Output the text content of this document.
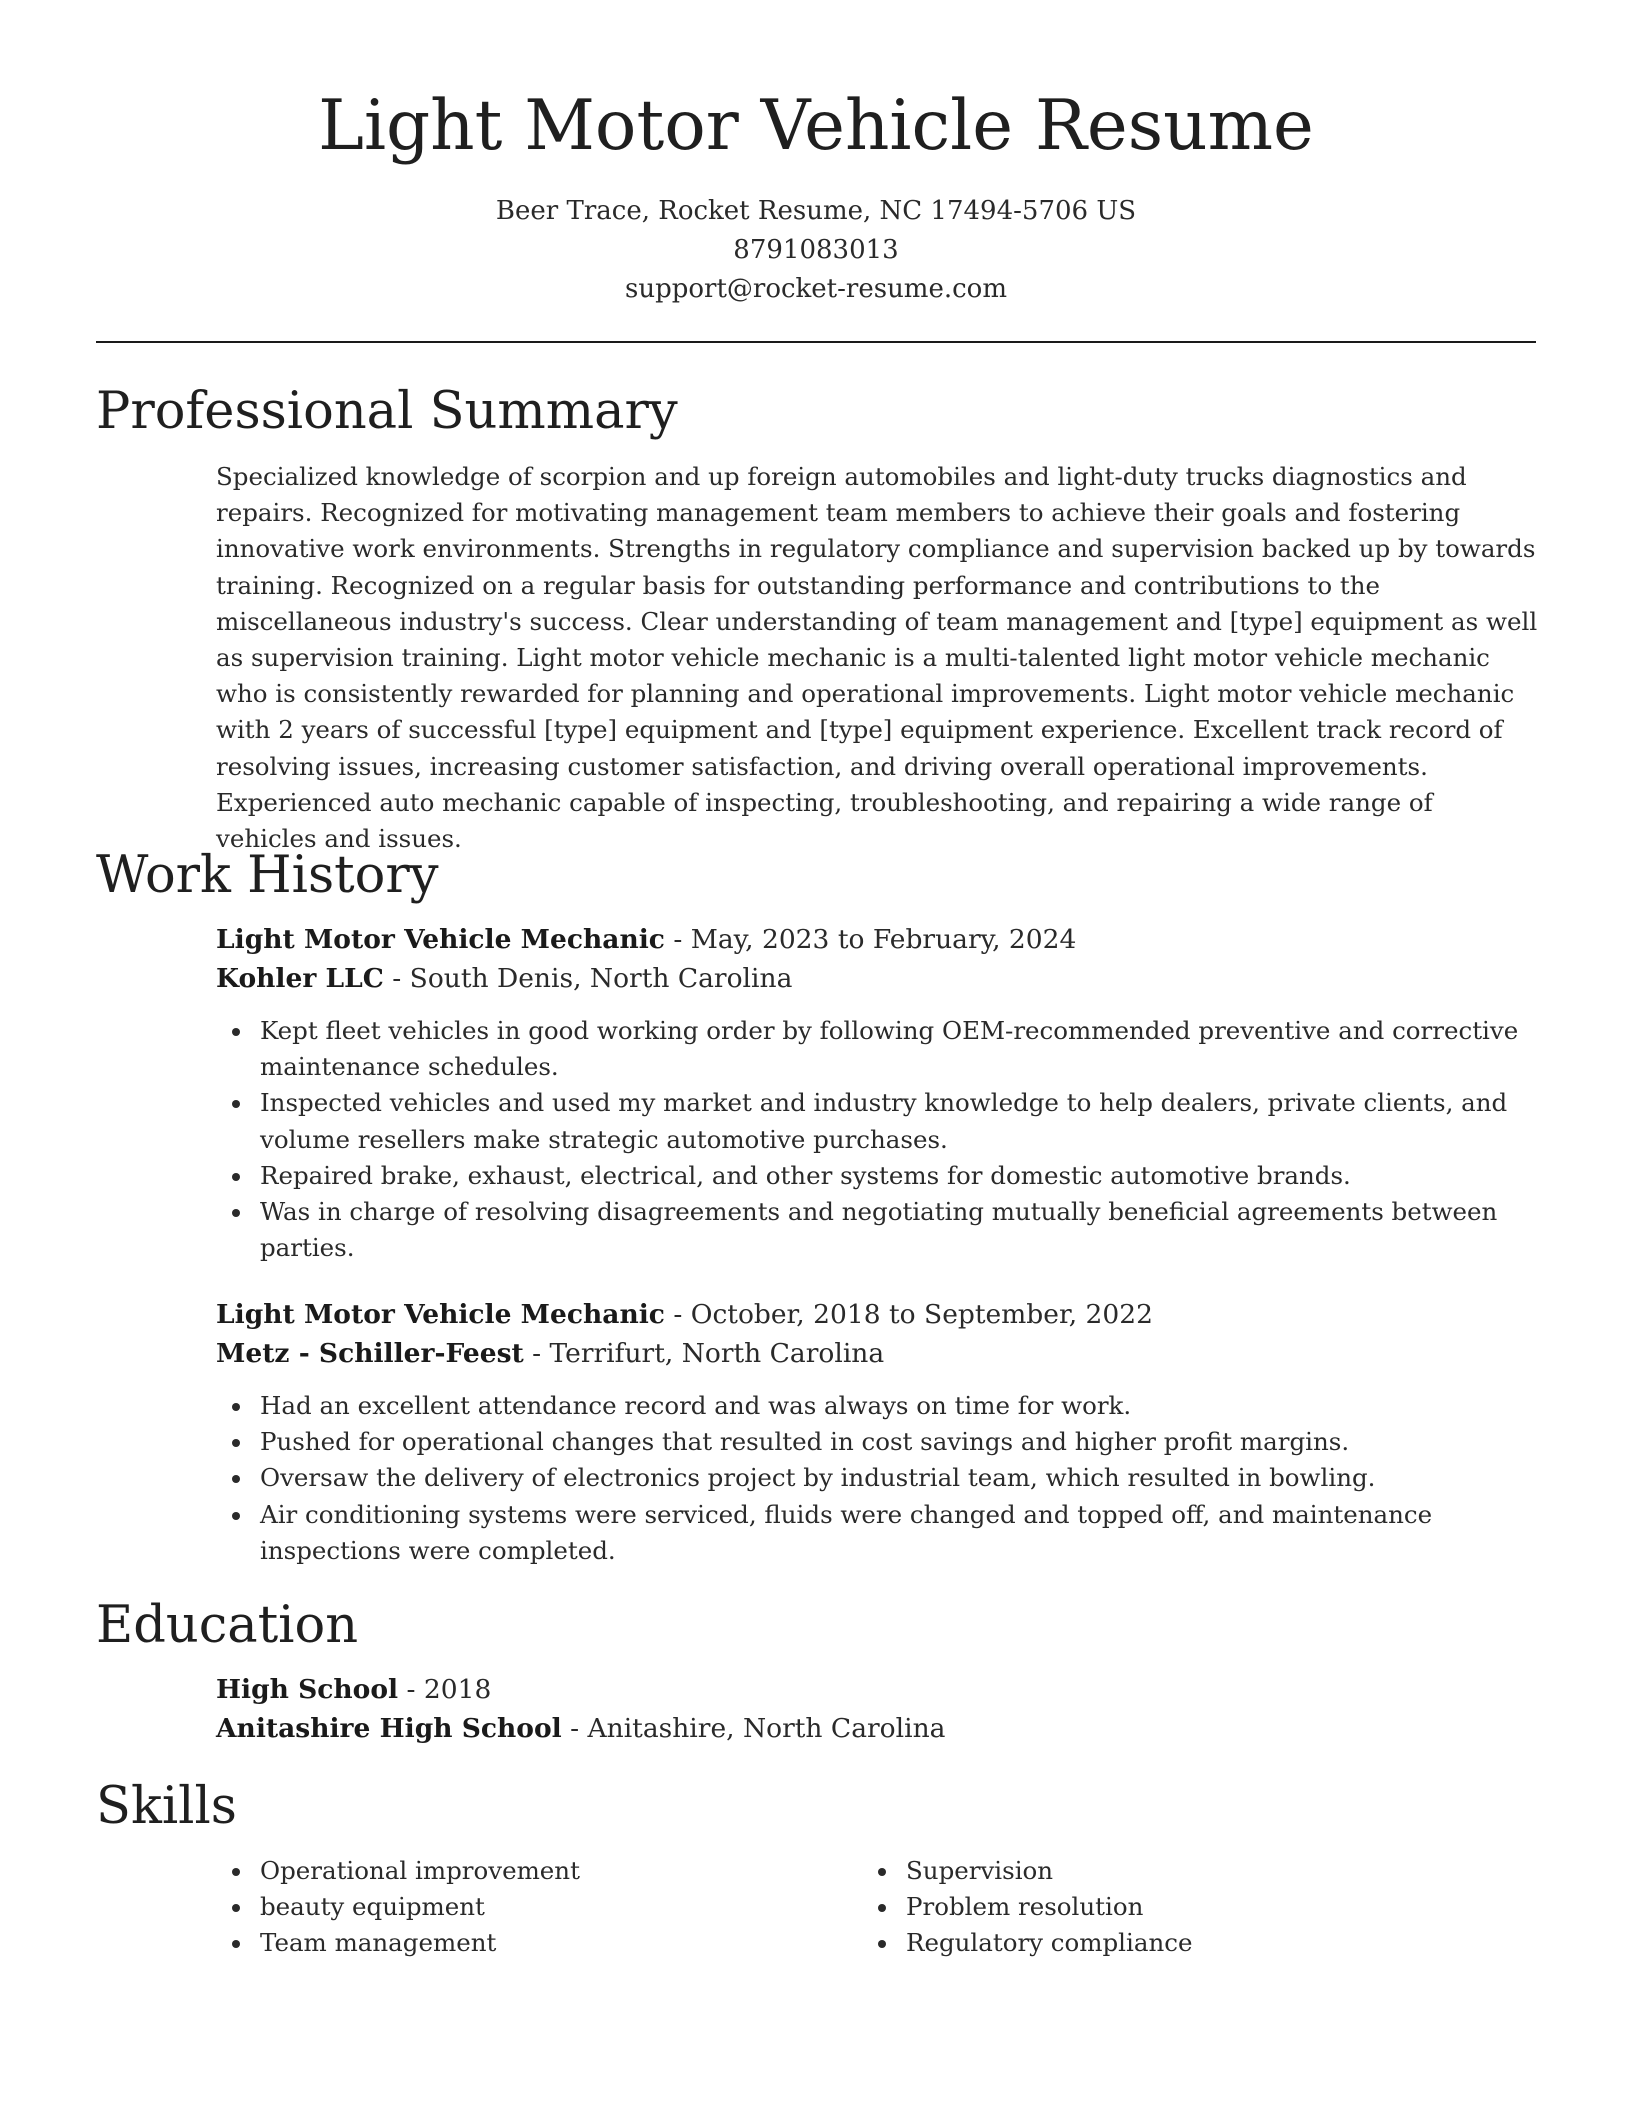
Light Motor Vehicle Resume
Beer Trace, Rocket Resume, NC 17494-5706 US
8791083013
support@rocket-resume.com
Professional Summary
Specialized knowledge of scorpion and up foreign automobiles and light-duty trucks diagnostics and repairs. Recognized for motivating management team members to achieve their goals and fostering innovative work environments. Strengths in regulatory compliance and supervision backed up by towards training. Recognized on a regular basis for outstanding performance and contributions to the miscellaneous industry's success. Clear understanding of team management and [type] equipment as well as supervision training. Light motor vehicle mechanic is a multi-talented light motor vehicle mechanic who is consistently rewarded for planning and operational improvements. Light motor vehicle mechanic with 2 years of successful [type] equipment and [type] equipment experience. Excellent track record of resolving issues, increasing customer satisfaction, and driving overall operational improvements. Experienced auto mechanic capable of inspecting, troubleshooting, and repairing a wide range of vehicles and issues.
Work History
Light Motor Vehicle Mechanic - May, 2023 to February, 2024
Kohler LLC - South Denis, North Carolina
Kept fleet vehicles in good working order by following OEM-recommended preventive and corrective maintenance schedules.
Inspected vehicles and used my market and industry knowledge to help dealers, private clients, and volume resellers make strategic automotive purchases.
Repaired brake, exhaust, electrical, and other systems for domestic automotive brands.
Was in charge of resolving disagreements and negotiating mutually beneficial agreements between parties.
Light Motor Vehicle Mechanic - October, 2018 to September, 2022
Metz - Schiller-Feest - Terrifurt, North Carolina
Had an excellent attendance record and was always on time for work.
Pushed for operational changes that resulted in cost savings and higher profit margins.
Oversaw the delivery of electronics project by industrial team, which resulted in bowling.
Air conditioning systems were serviced, fluids were changed and topped off, and maintenance inspections were completed.
Education
High School - 2018
Anitashire High School - Anitashire, North Carolina
Skills
Operational improvement
beauty equipment
Team management
Supervision
Problem resolution
Regulatory compliance
